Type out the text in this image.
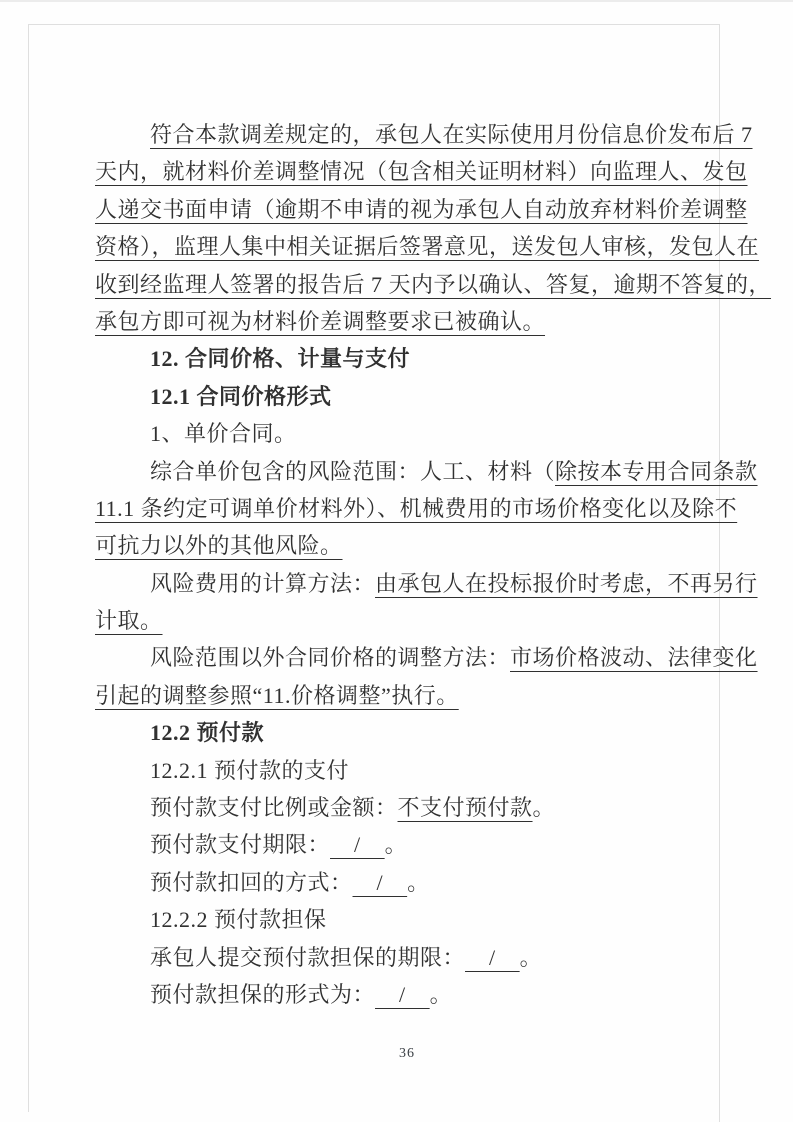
符合本款调差规定的，承包人在实际使用月份信息价发布后 7
天内，就材料价差调整情况（包含相关证明材料）向监理人、发包
人递交书面申请（逾期不申请的视为承包人自动放弃材料价差调整
资格），监理人集中相关证据后签署意见，送发包人审核，发包人在
收到经监理人签署的报告后 7 天内予以确认、答复，逾期不答复的，
承包方即可视为材料价差调整要求已被确认。
12. 合同价格、计量与支付
12.1 合同价格形式
1、单价合同。
综合单价包含的风险范围：人工、材料（除按本专用合同条款
11.1 条约定可调单价材料外）、机械费用的市场价格变化以及除不
可抗力以外的其他风险。
风险费用的计算方法：由承包人在投标报价时考虑，不再另行
计取。
风险范围以外合同价格的调整方法：市场价格波动、法律变化
引起的调整参照“11.价格调整”执行。
12.2 预付款
12.2.1 预付款的支付
预付款支付比例或金额：不支付预付款。
预付款支付期限：    /    。
预付款扣回的方式：    /    。
12.2.2 预付款担保
承包人提交预付款担保的期限：    /    。
预付款担保的形式为：    /    。
36
